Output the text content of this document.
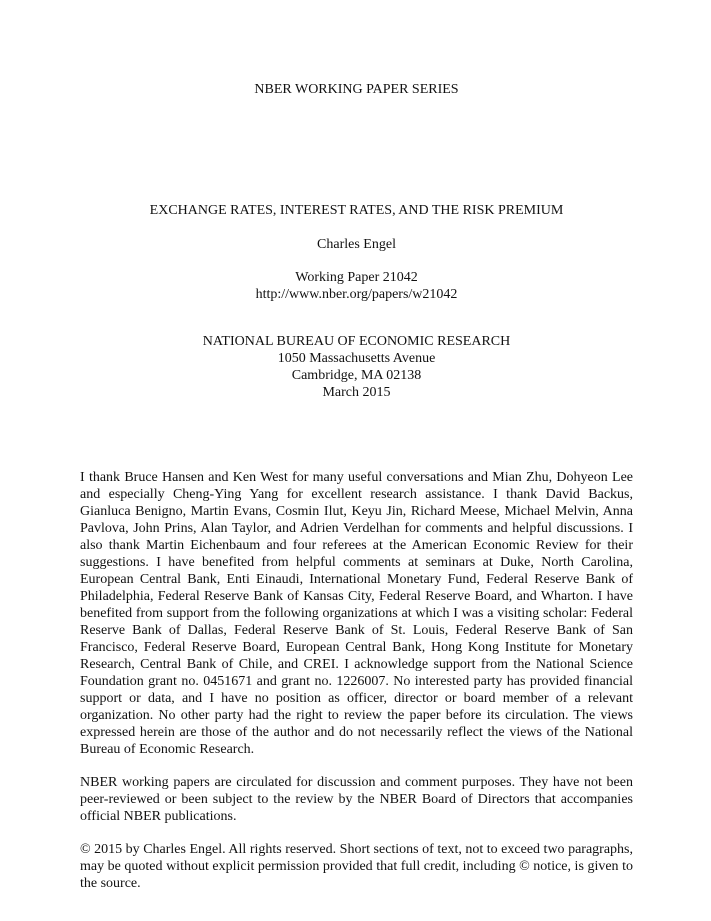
NBER WORKING PAPER SERIES
EXCHANGE RATES, INTEREST RATES, AND THE RISK PREMIUM
Charles Engel
Working Paper 21042
http://www.nber.org/papers/w21042
NATIONAL BUREAU OF ECONOMIC RESEARCH
1050 Massachusetts Avenue
Cambridge, MA 02138
March 2015

I thank Bruce Hansen and Ken West for many useful conversations and Mian Zhu, Dohyeon Lee and especially Cheng-Ying Yang for excellent research assistance. I thank David Backus, Gianluca Benigno, Martin Evans, Cosmin Ilut, Keyu Jin, Richard Meese, Michael Melvin, Anna Pavlova, John Prins, Alan Taylor, and Adrien Verdelhan for comments and helpful discussions. I also thank Martin Eichenbaum and four referees at the American Economic Review for their suggestions. I have benefited from helpful comments at seminars at Duke, North Carolina, European Central Bank, Enti Einaudi, International Monetary Fund, Federal Reserve Bank of Philadelphia, Federal Reserve Bank of Kansas City, Federal Reserve Board, and Wharton. I have benefited from support from the following organizations at which I was a visiting scholar: Federal Reserve Bank of Dallas, Federal Reserve Bank of St. Louis, Federal Reserve Bank of San Francisco, Federal Reserve Board, European Central Bank, Hong Kong Institute for Monetary Research, Central Bank of Chile, and CREI. I acknowledge support from the National Science Foundation grant no. 0451671 and grant no. 1226007. No interested party has provided financial support or data, and I have no position as officer, director or board member of a relevant organization. No other party had the right to review the paper before its circulation. The views expressed herein are those of the author and do not necessarily reflect the views of the National Bureau of Economic Research.

NBER working papers are circulated for discussion and comment purposes. They have not been peer-reviewed or been subject to the review by the NBER Board of Directors that accompanies official NBER publications.

© 2015 by Charles Engel. All rights reserved. Short sections of text, not to exceed two paragraphs, may be quoted without explicit permission provided that full credit, including © notice, is given to the source.
